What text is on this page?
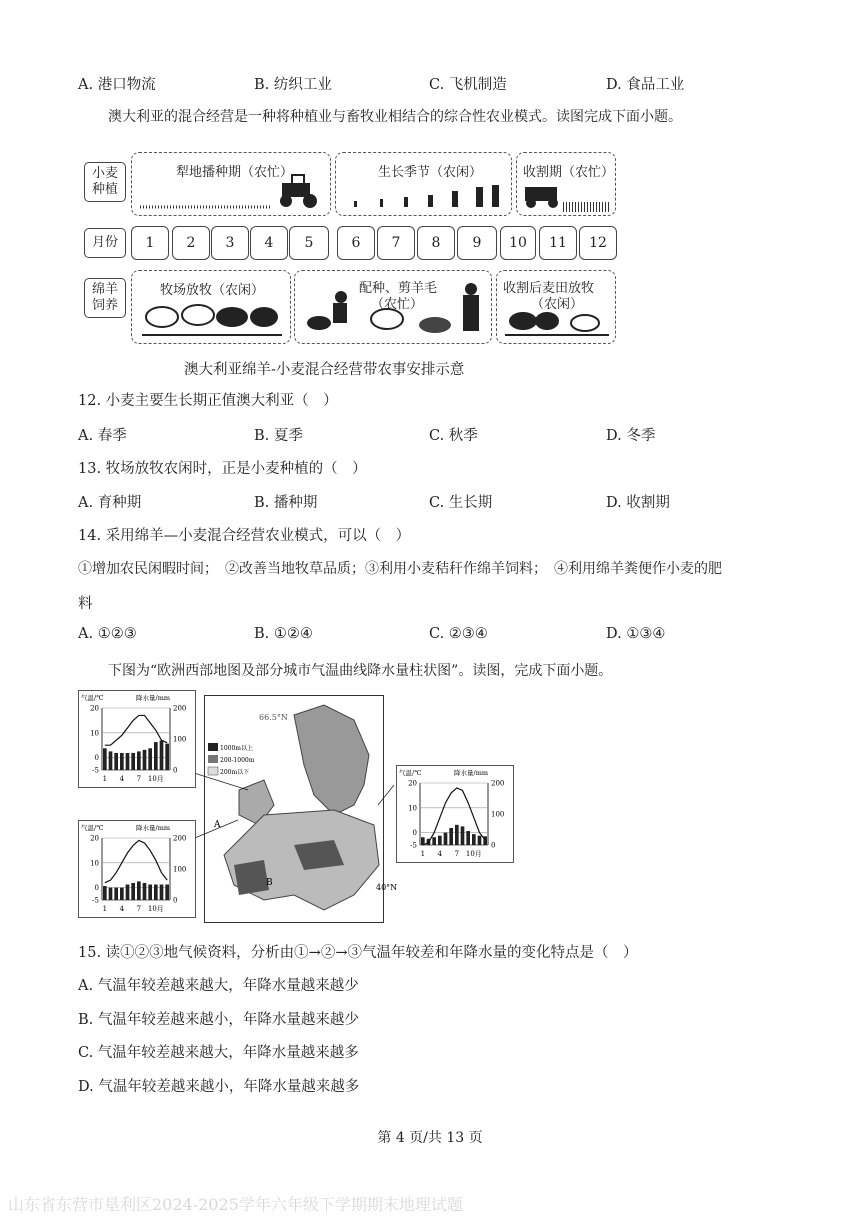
A. 港口物流	B. 纺织工业	C. 飞机制造	D. 食品工业
澳大利亚的混合经营是一种将种植业与畜牧业相结合的综合性农业模式。读图完成下面小题。
小麦
种植
月份
绵羊
饲养
犁地播种期（农忙）	生长季节（农闲）	收割期（农忙）
1	2	3	4	5	6	7	8	9	10	11	12
牧场放牧（农闲）	配种、剪羊毛
（农忙）
收割后麦田放牧
（农闲）
澳大利亚绵羊-小麦混合经营带农事安排示意
12. 小麦主要生长期正值澳大利亚（　）
A. 春季	B. 夏季	C. 秋季	D. 冬季
13. 牧场放牧农闲时，正是小麦种植的（　）
A. 育种期	B. 播种期	C. 生长期	D. 收割期
14. 采用绵羊—小麦混合经营农业模式，可以（　）
①增加农民闲暇时间；　②改善当地牧草品质；③利用小麦秸秆作绵羊饲料；　④利用绵羊粪便作小麦的肥
料
A. ①②③	B. ①②④	C. ②③④	D. ①③④
下图为“欧洲西部地图及部分城市气温曲线降水量柱状图”。读图，完成下面小题。
1000m以上
200-1000m
200m以下
66.5°N
40°N
A
B
气温/℃	降水量/mm
20
10
0
-5
200
100
0
1 4 7 10月
气温/℃	降水量/mm
20
10
0
-5
200
100
0
1 4 7 10月
气温/℃	降水量/mm
20
10
0
-5
200
100
0
1 4 7 10月
15. 读①②③地气候资料，分析由①→②→③气温年较差和年降水量的变化特点是（　）
A. 气温年较差越来越大，年降水量越来越少
B. 气温年较差越来越小，年降水量越来越少
C. 气温年较差越来越大，年降水量越来越多
D. 气温年较差越来越小，年降水量越来越多
第 4 页/共 13 页
山东省东营市垦利区2024-2025学年六年级下学期期末地理试题
